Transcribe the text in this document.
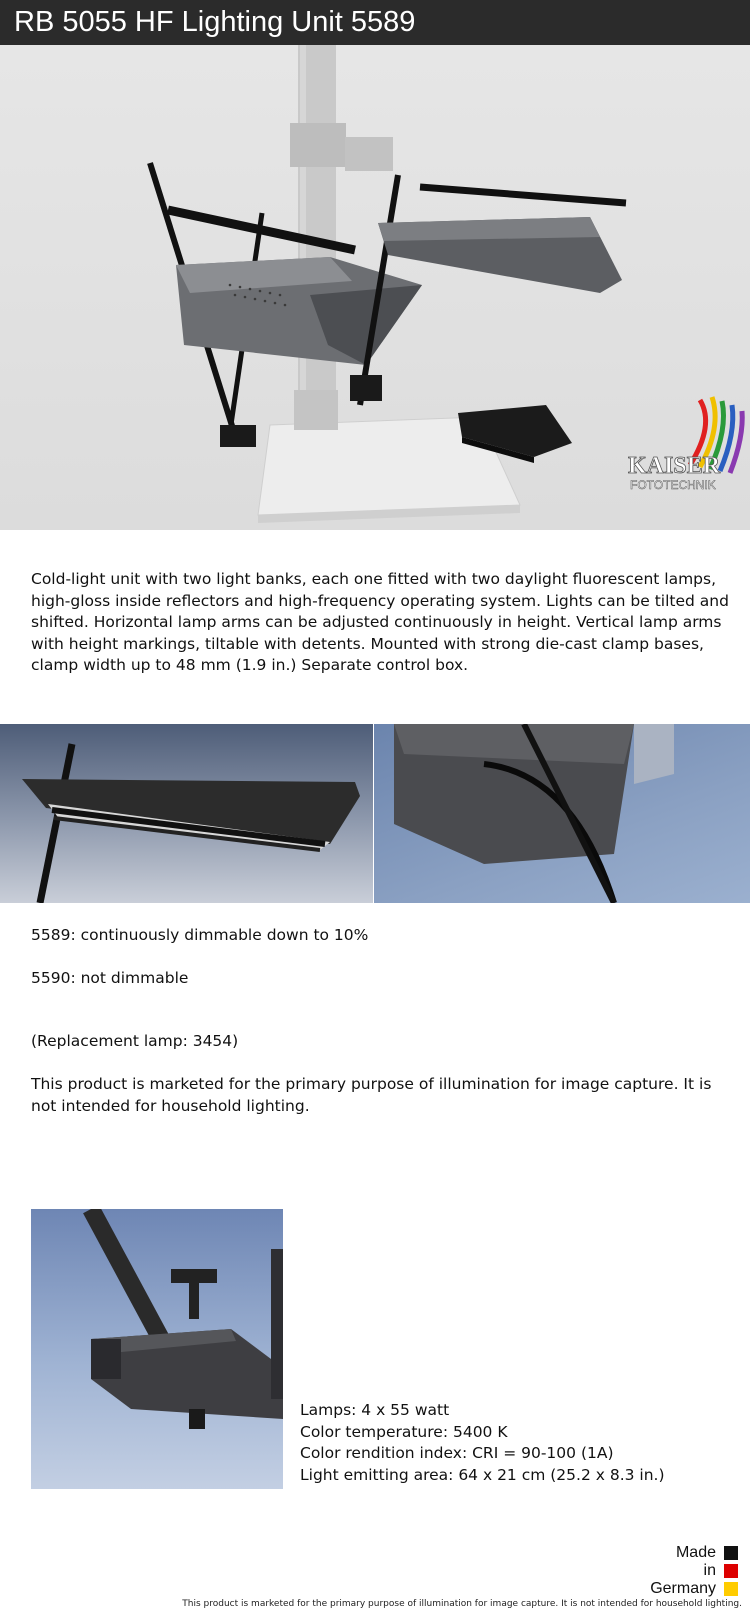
RB 5055 HF Lighting Unit 5589
KAISER
FOTOTECHNIK
Cold-light unit with two light banks, each one fitted with two daylight fluorescent lamps, high-gloss inside reflectors and high-frequency operating system. Lights can be tilted and shifted. Horizontal lamp arms can be adjusted continuously in height. Vertical lamp arms with height markings, tiltable with detents. Mounted with strong die-cast clamp bases, clamp width up to 48 mm (1.9 in.) Separate control box.
5589: continuously dimmable down to 10%
5590: not dimmable
(Replacement lamp: 3454)
This product is marketed for the primary purpose of illumination for image capture. It is not intended for household lighting.
Lamps: 4 x 55 watt
Color temperature: 5400 K
Color rendition index: CRI = 90-100 (1A)
Light emitting area: 64 x 21 cm (25.2 x 8.3 in.)
Made
in
Germany
This product is marketed for the primary purpose of illumination for image capture. It is not intended for household lighting.
